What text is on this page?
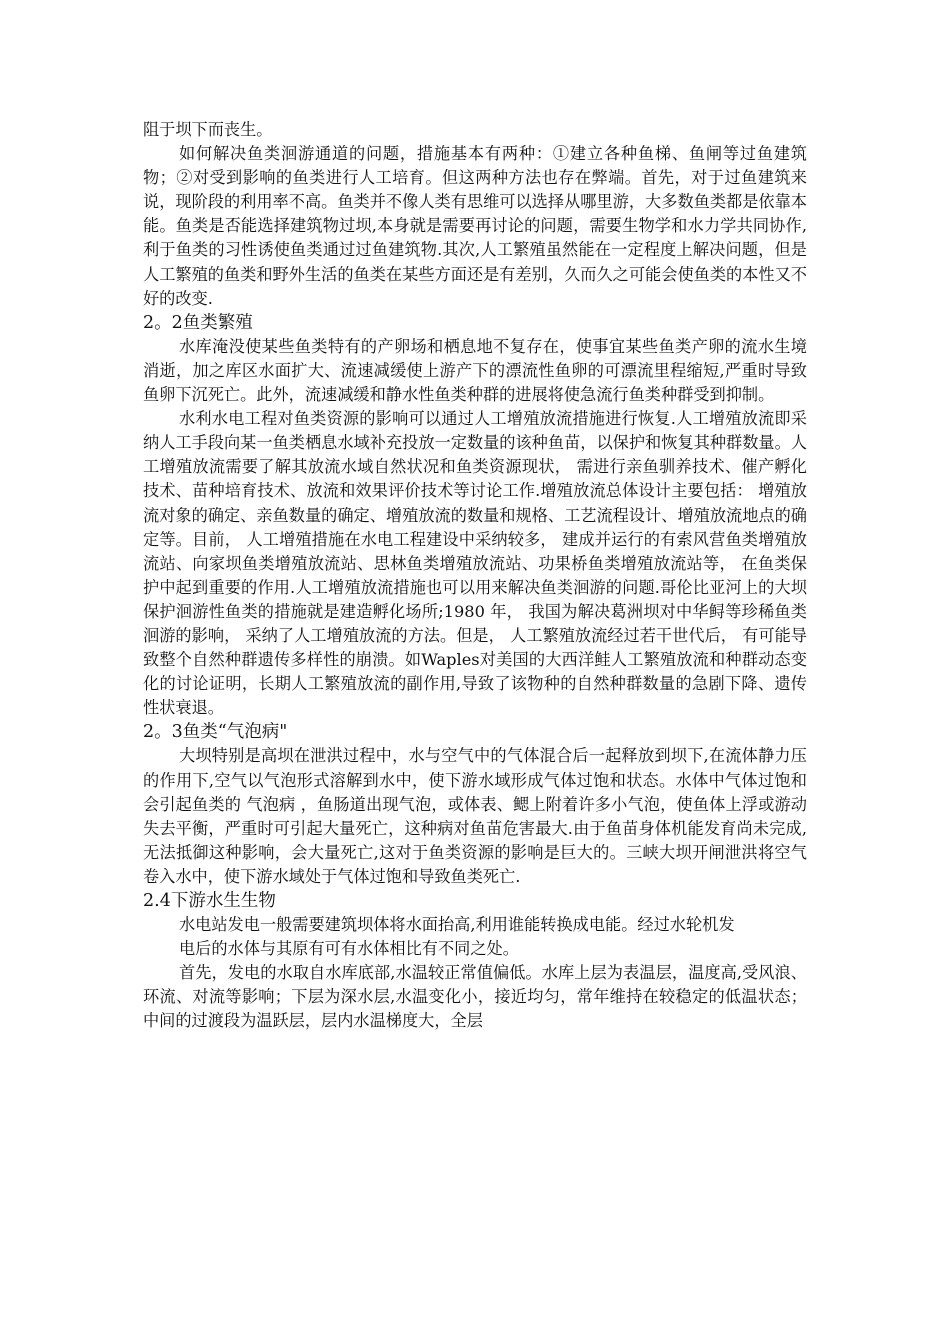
阻于坝下而丧生。

如何解决鱼类洄游通道的问题，措施基本有两种：①建立各种鱼梯、鱼闸等过鱼建筑物；②对受到影响的鱼类进行人工培育。但这两种方法也存在弊端。首先，对于过鱼建筑来说，现阶段的利用率不高。鱼类并不像人类有思维可以选择从哪里游，大多数鱼类都是依靠本能。鱼类是否能选择建筑物过坝,本身就是需要再讨论的问题，需要生物学和水力学共同协作,利于鱼类的习性诱使鱼类通过过鱼建筑物.其次,人工繁殖虽然能在一定程度上解决问题，但是人工繁殖的鱼类和野外生活的鱼类在某些方面还是有差别，久而久之可能会使鱼类的本性又不好的改变.

2。2鱼类繁殖

水库淹没使某些鱼类特有的产卵场和栖息地不复存在，使事宜某些鱼类产卵的流水生境消逝，加之库区水面扩大、流速减缓使上游产下的漂流性鱼卵的可漂流里程缩短,严重时导致鱼卵下沉死亡。此外，流速减缓和静水性鱼类种群的进展将使急流行鱼类种群受到抑制。

水利水电工程对鱼类资源的影响可以通过人工增殖放流措施进行恢复.人工增殖放流即采纳人工手段向某一鱼类栖息水域补充投放一定数量的该种鱼苗，以保护和恢复其种群数量。人工增殖放流需要了解其放流水域自然状况和鱼类资源现状， 需进行亲鱼驯养技术、催产孵化技术、苗种培育技术、放流和效果评价技术等讨论工作.增殖放流总体设计主要包括： 增殖放流对象的确定、亲鱼数量的确定、增殖放流的数量和规格、工艺流程设计、增殖放流地点的确定等。目前， 人工增殖措施在水电工程建设中采纳较多， 建成并运行的有索风营鱼类增殖放流站、向家坝鱼类增殖放流站、思林鱼类增殖放流站、功果桥鱼类增殖放流站等， 在鱼类保护中起到重要的作用.人工增殖放流措施也可以用来解决鱼类洄游的问题.哥伦比亚河上的大坝保护洄游性鱼类的措施就是建造孵化场所;1980 年， 我国为解决葛洲坝对中华鲟等珍稀鱼类洄游的影响， 采纳了人工增殖放流的方法。但是， 人工繁殖放流经过若干世代后， 有可能导致整个自然种群遗传多样性的崩溃。如Waples对美国的大西洋鲑人工繁殖放流和种群动态变化的讨论证明，长期人工繁殖放流的副作用,导致了该物种的自然种群数量的急剧下降、遗传性状衰退。

2。3鱼类“气泡病"

大坝特别是高坝在泄洪过程中，水与空气中的气体混合后一起释放到坝下,在流体静力压的作用下,空气以气泡形式溶解到水中，使下游水域形成气体过饱和状态。水体中气体过饱和会引起鱼类的 气泡病 ，鱼肠道出现气泡，或体表、鳃上附着许多小气泡，使鱼体上浮或游动失去平衡，严重时可引起大量死亡，这种病对鱼苗危害最大.由于鱼苗身体机能发育尚未完成,无法抵御这种影响，会大量死亡,这对于鱼类资源的影响是巨大的。三峡大坝开闸泄洪将空气卷入水中，使下游水域处于气体过饱和导致鱼类死亡.

2.4下游水生生物

水电站发电一般需要建筑坝体将水面抬高,利用谁能转换成电能。经过水轮机发

电后的水体与其原有可有水体相比有不同之处。

首先，发电的水取自水库底部,水温较正常值偏低。水库上层为表温层，温度高,受风浪、环流、对流等影响；下层为深水层,水温变化小，接近均匀，常年维持在较稳定的低温状态；中间的过渡段为温跃层，层内水温梯度大，全层
